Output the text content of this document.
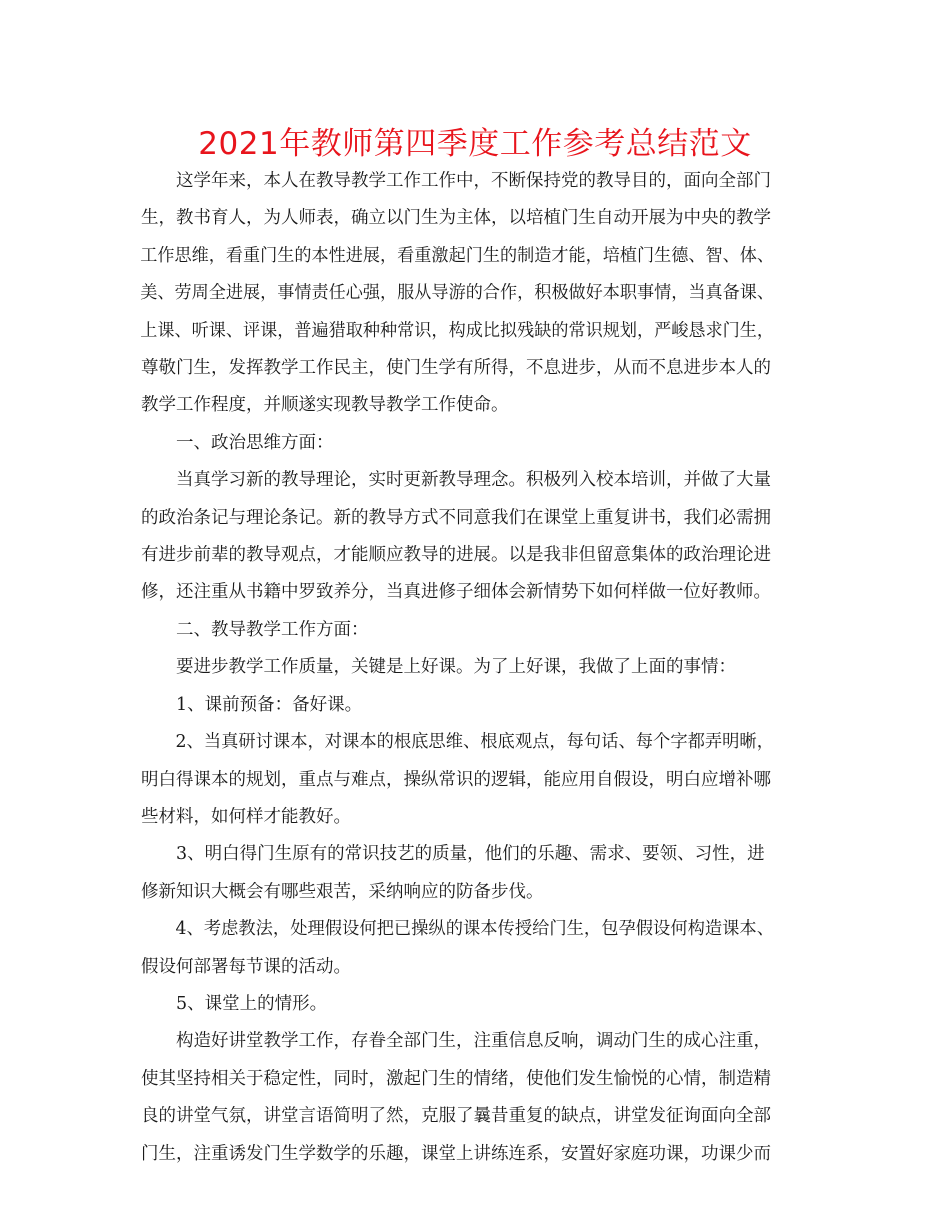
2021年教师第四季度工作参考总结范文
这学年来，本人在教导教学工作工作中，不断保持党的教导目的，面向全部门
生，教书育人，为人师表，确立以门生为主体，以培植门生自动开展为中央的教学
工作思维，看重门生的本性进展，看重激起门生的制造才能，培植门生德、智、体、
美、劳周全进展，事情责任心强，服从导游的合作，积极做好本职事情，当真备课、
上课、听课、评课，普遍猎取种种常识，构成比拟残缺的常识规划，严峻恳求门生，
尊敬门生，发挥教学工作民主，使门生学有所得，不息进步，从而不息进步本人的
教学工作程度，并顺遂实现教导教学工作使命。
一、政治思维方面：
当真学习新的教导理论，实时更新教导理念。积极列入校本培训，并做了大量
的政治条记与理论条记。新的教导方式不同意我们在课堂上重复讲书，我们必需拥
有进步前辈的教导观点，才能顺应教导的进展。以是我非但留意集体的政治理论进
修，还注重从书籍中罗致养分，当真进修子细体会新情势下如何样做一位好教师。
二、教导教学工作方面：
要进步教学工作质量，关键是上好课。为了上好课，我做了上面的事情：
1、课前预备：备好课。
2、当真研讨课本，对课本的根底思维、根底观点，每句话、每个字都弄明晰，
明白得课本的规划，重点与难点，操纵常识的逻辑，能应用自假设，明白应增补哪
些材料，如何样才能教好。
3、明白得门生原有的常识技艺的质量，他们的乐趣、需求、要领、习性，进
修新知识大概会有哪些艰苦，采纳响应的防备步伐。
4、考虑教法，处理假设何把已操纵的课本传授给门生，包孕假设何构造课本、
假设何部署每节课的活动。
5、课堂上的情形。
构造好讲堂教学工作，存眷全部门生，注重信息反响，调动门生的成心注重，
使其坚持相关于稳定性，同时，激起门生的情绪，使他们发生愉悦的心情，制造精
良的讲堂气氛，讲堂言语简明了然，克服了曩昔重复的缺点，讲堂发征询面向全部
门生，注重诱发门生学数学的乐趣，课堂上讲练连系，安置好家庭功课，功课少而
